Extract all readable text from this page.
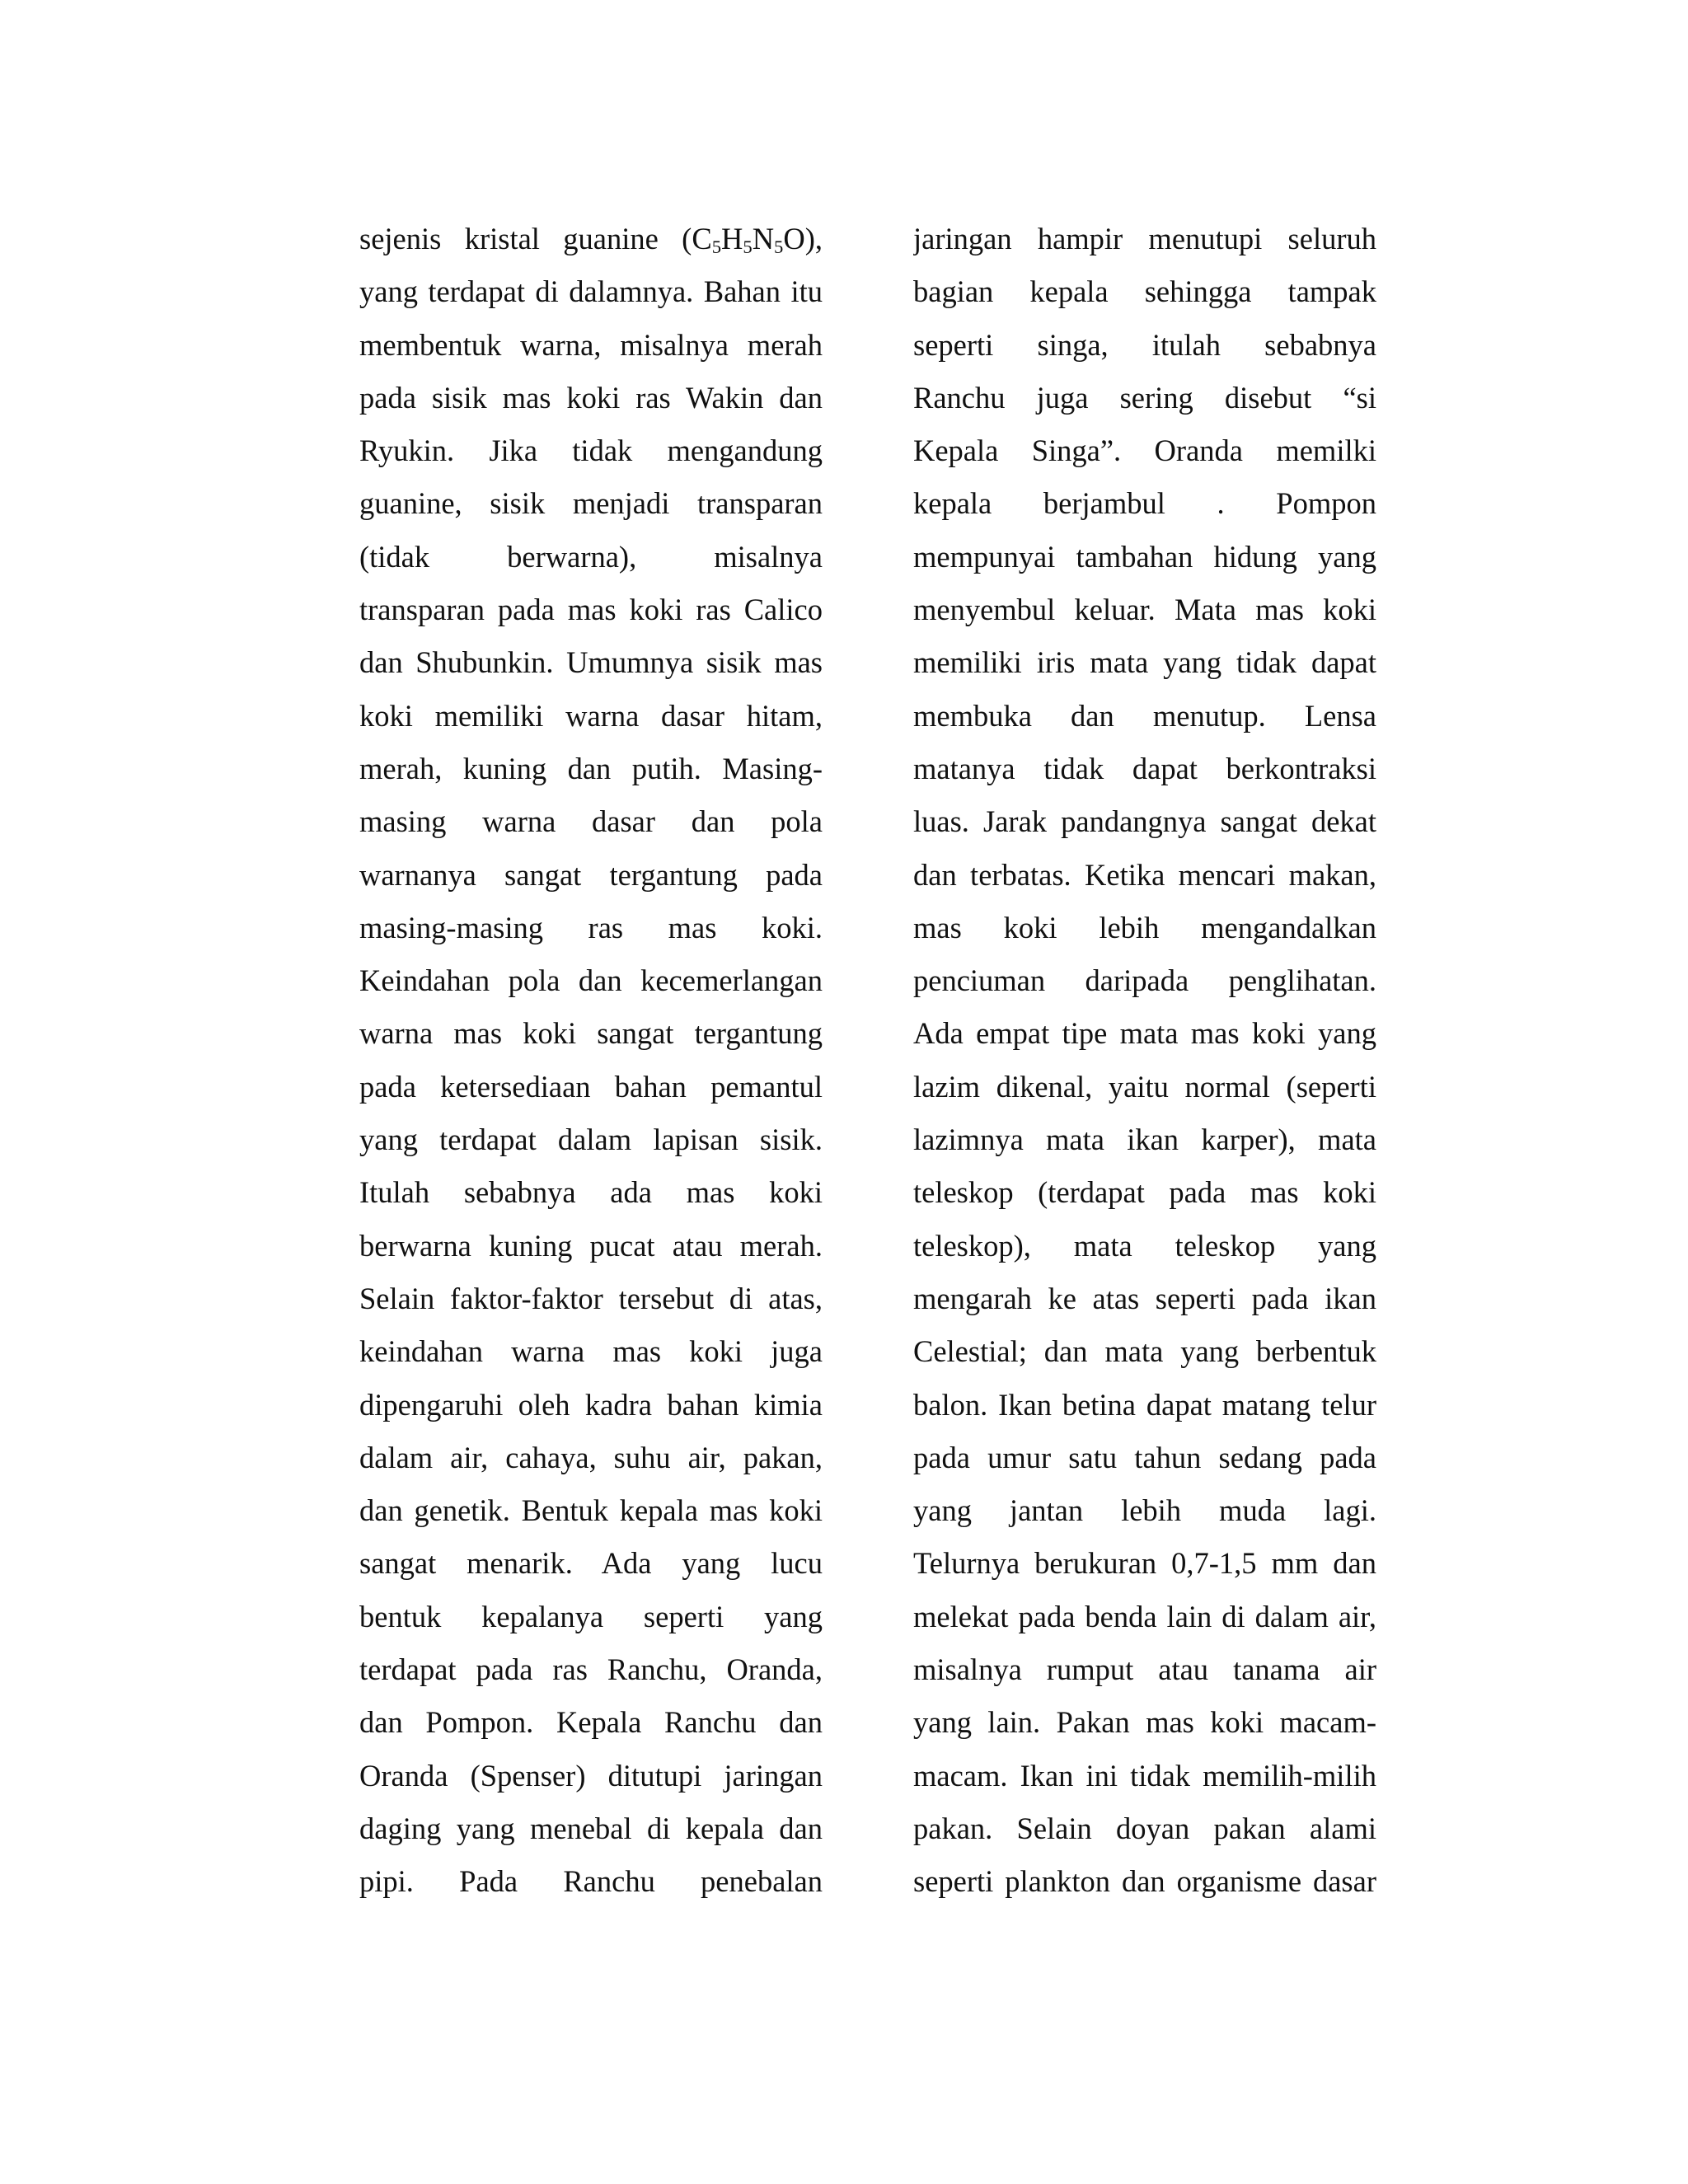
sejenis kristal guanine $(C_5H_5N_5O)$,
yang terdapat di dalamnya. Bahan itu
membentuk warna, misalnya merah
pada sisik mas koki ras Wakin dan
Ryukin. Jika tidak mengandung
guanine, sisik menjadi transparan
(tidak berwarna), misalnya
transparan pada mas koki ras Calico
dan Shubunkin. Umumnya sisik mas
koki memiliki warna dasar hitam,
merah, kuning dan putih. Masing-
masing warna dasar dan pola
warnanya sangat tergantung pada
masing-masing ras mas koki.
Keindahan pola dan kecemerlangan
warna mas koki sangat tergantung
pada ketersediaan bahan pemantul
yang terdapat dalam lapisan sisik.
Itulah sebabnya ada mas koki
berwarna kuning pucat atau merah.
Selain faktor-faktor tersebut di atas,
keindahan warna mas koki juga
dipengaruhi oleh kadra bahan kimia
dalam air, cahaya, suhu air, pakan,
dan genetik. Bentuk kepala mas koki
sangat menarik. Ada yang lucu
bentuk kepalanya seperti yang
terdapat pada ras Ranchu, Oranda,
dan Pompon. Kepala Ranchu dan
Oranda (Spenser) ditutupi jaringan
daging yang menebal di kepala dan
pipi. Pada Ranchu penebalan
jaringan hampir menutupi seluruh
bagian kepala sehingga tampak
seperti singa, itulah sebabnya
Ranchu juga sering disebut “si
Kepala Singa”. Oranda memilki
kepala berjambul . Pompon
mempunyai tambahan hidung yang
menyembul keluar. Mata mas koki
memiliki iris mata yang tidak dapat
membuka dan menutup. Lensa
matanya tidak dapat berkontraksi
luas. Jarak pandangnya sangat dekat
dan terbatas. Ketika mencari makan,
mas koki lebih mengandalkan
penciuman daripada penglihatan.
Ada empat tipe mata mas koki yang
lazim dikenal, yaitu normal (seperti
lazimnya mata ikan karper), mata
teleskop (terdapat pada mas koki
teleskop), mata teleskop yang
mengarah ke atas seperti pada ikan
Celestial; dan mata yang berbentuk
balon. Ikan betina dapat matang telur
pada umur satu tahun sedang pada
yang jantan lebih muda lagi.
Telurnya berukuran 0,7-1,5 mm dan
melekat pada benda lain di dalam air,
misalnya rumput atau tanama air
yang lain. Pakan mas koki macam-
macam. Ikan ini tidak memilih-milih
pakan. Selain doyan pakan alami
seperti plankton dan organisme dasar
